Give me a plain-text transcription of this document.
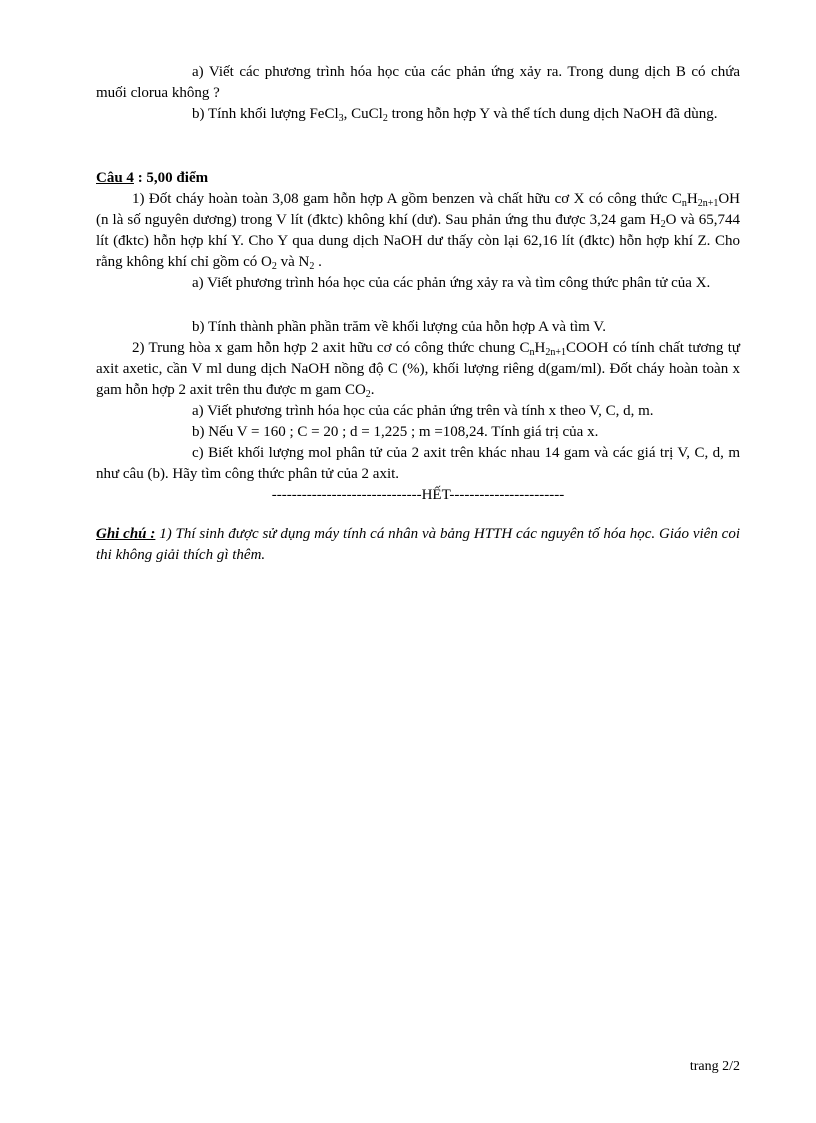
a) Viết các phương trình hóa học của các phản ứng xảy ra. Trong dung dịch B có chứa muối clorua không ?

b) Tính khối lượng FeCl$_3$, CuCl$_2$ trong hỗn hợp Y và thể tích dung dịch NaOH đã dùng.

Câu 4 : 5,00 điểm

1) Đốt cháy hoàn toàn 3,08 gam hỗn hợp A gồm benzen và chất hữu cơ X có công thức $C_nH_{2n+1}OH$ (n là số nguyên dương) trong V lít (đktc) không khí (dư). Sau phản ứng thu được 3,24 gam $H_2O$ và 65,744 lít (đktc) hỗn hợp khí Y. Cho Y qua dung dịch NaOH dư thấy còn lại 62,16 lít (đktc) hỗn hợp khí Z. Cho rằng không khí chỉ gồm có $O_2$ và $N_2$ .

a) Viết phương trình hóa học của các phản ứng xảy ra và tìm công thức phân tử của X.

b) Tính thành phần phần trăm về khối lượng của hỗn hợp A và tìm V.

2) Trung hòa x gam hỗn hợp 2 axit hữu cơ có công thức chung $C_nH_{2n+1}COOH$ có tính chất tương tự axit axetic, cần V ml dung dịch NaOH nồng độ C (%), khối lượng riêng d(gam/ml). Đốt cháy hoàn toàn x gam hỗn hợp 2 axit trên thu được m gam $CO_2$.

a) Viết phương trình hóa học của các phản ứng trên và tính x theo V, C, d, m.

b) Nếu V = 160 ; C = 20 ; d = 1,225 ; m =108,24. Tính giá trị của x.

c) Biết khối lượng mol phân tử của 2 axit trên khác nhau 14 gam và các giá trị V, C, d, m như câu (b). Hãy tìm công thức phân tử của 2 axit.

------------------------------HẾT-----------------------

Ghi chú : 1) Thí sinh được sử dụng máy tính cá nhân và bảng HTTH các nguyên tố hóa học. Giáo viên coi thi không giải thích gì thêm.

trang 2/2
